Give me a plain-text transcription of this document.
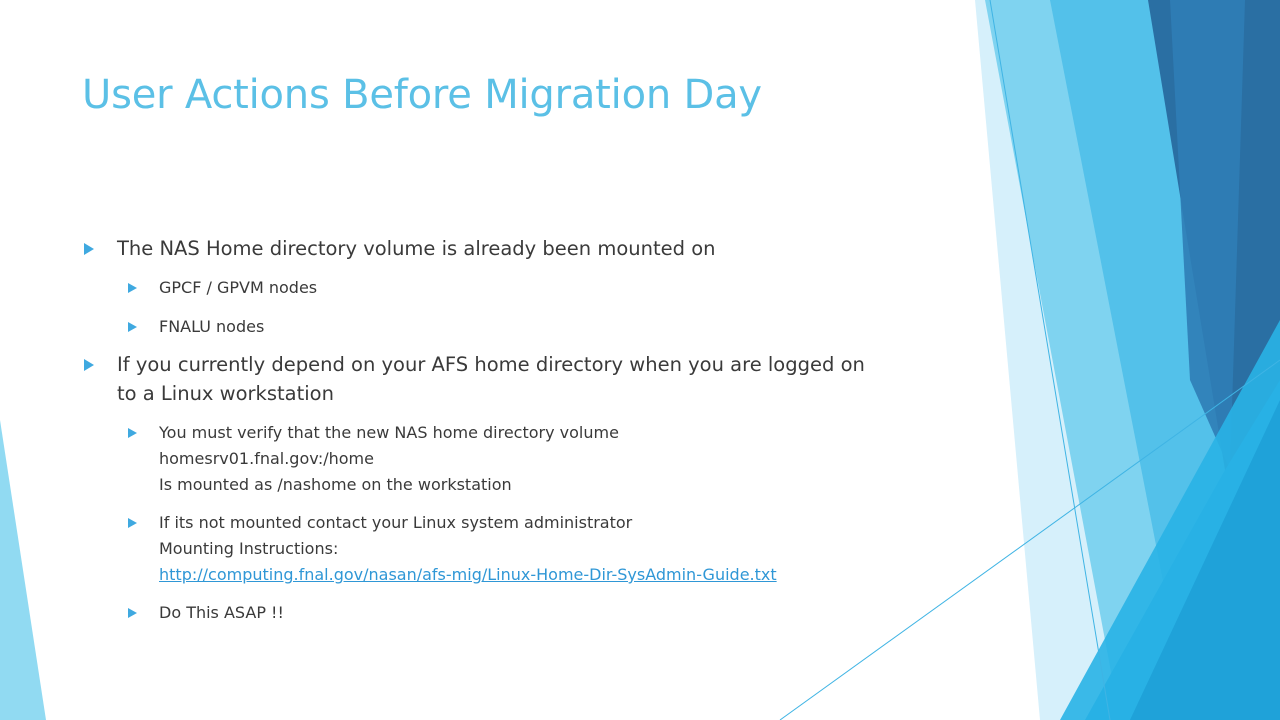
User Actions Before Migration Day
The NAS Home directory volume is already been mounted on
GPCF / GPVM nodes
FNALU nodes
If you currently depend on your AFS home directory when you are logged on
to a Linux workstation
You must verify that the new NAS home directory volume
homesrv01.fnal.gov:/home
Is mounted as /nashome on the workstation
If its not mounted contact your Linux system administrator
Mounting Instructions:
http://computing.fnal.gov/nasan/afs-mig/Linux-Home-Dir-SysAdmin-Guide.txt
Do This ASAP !!
